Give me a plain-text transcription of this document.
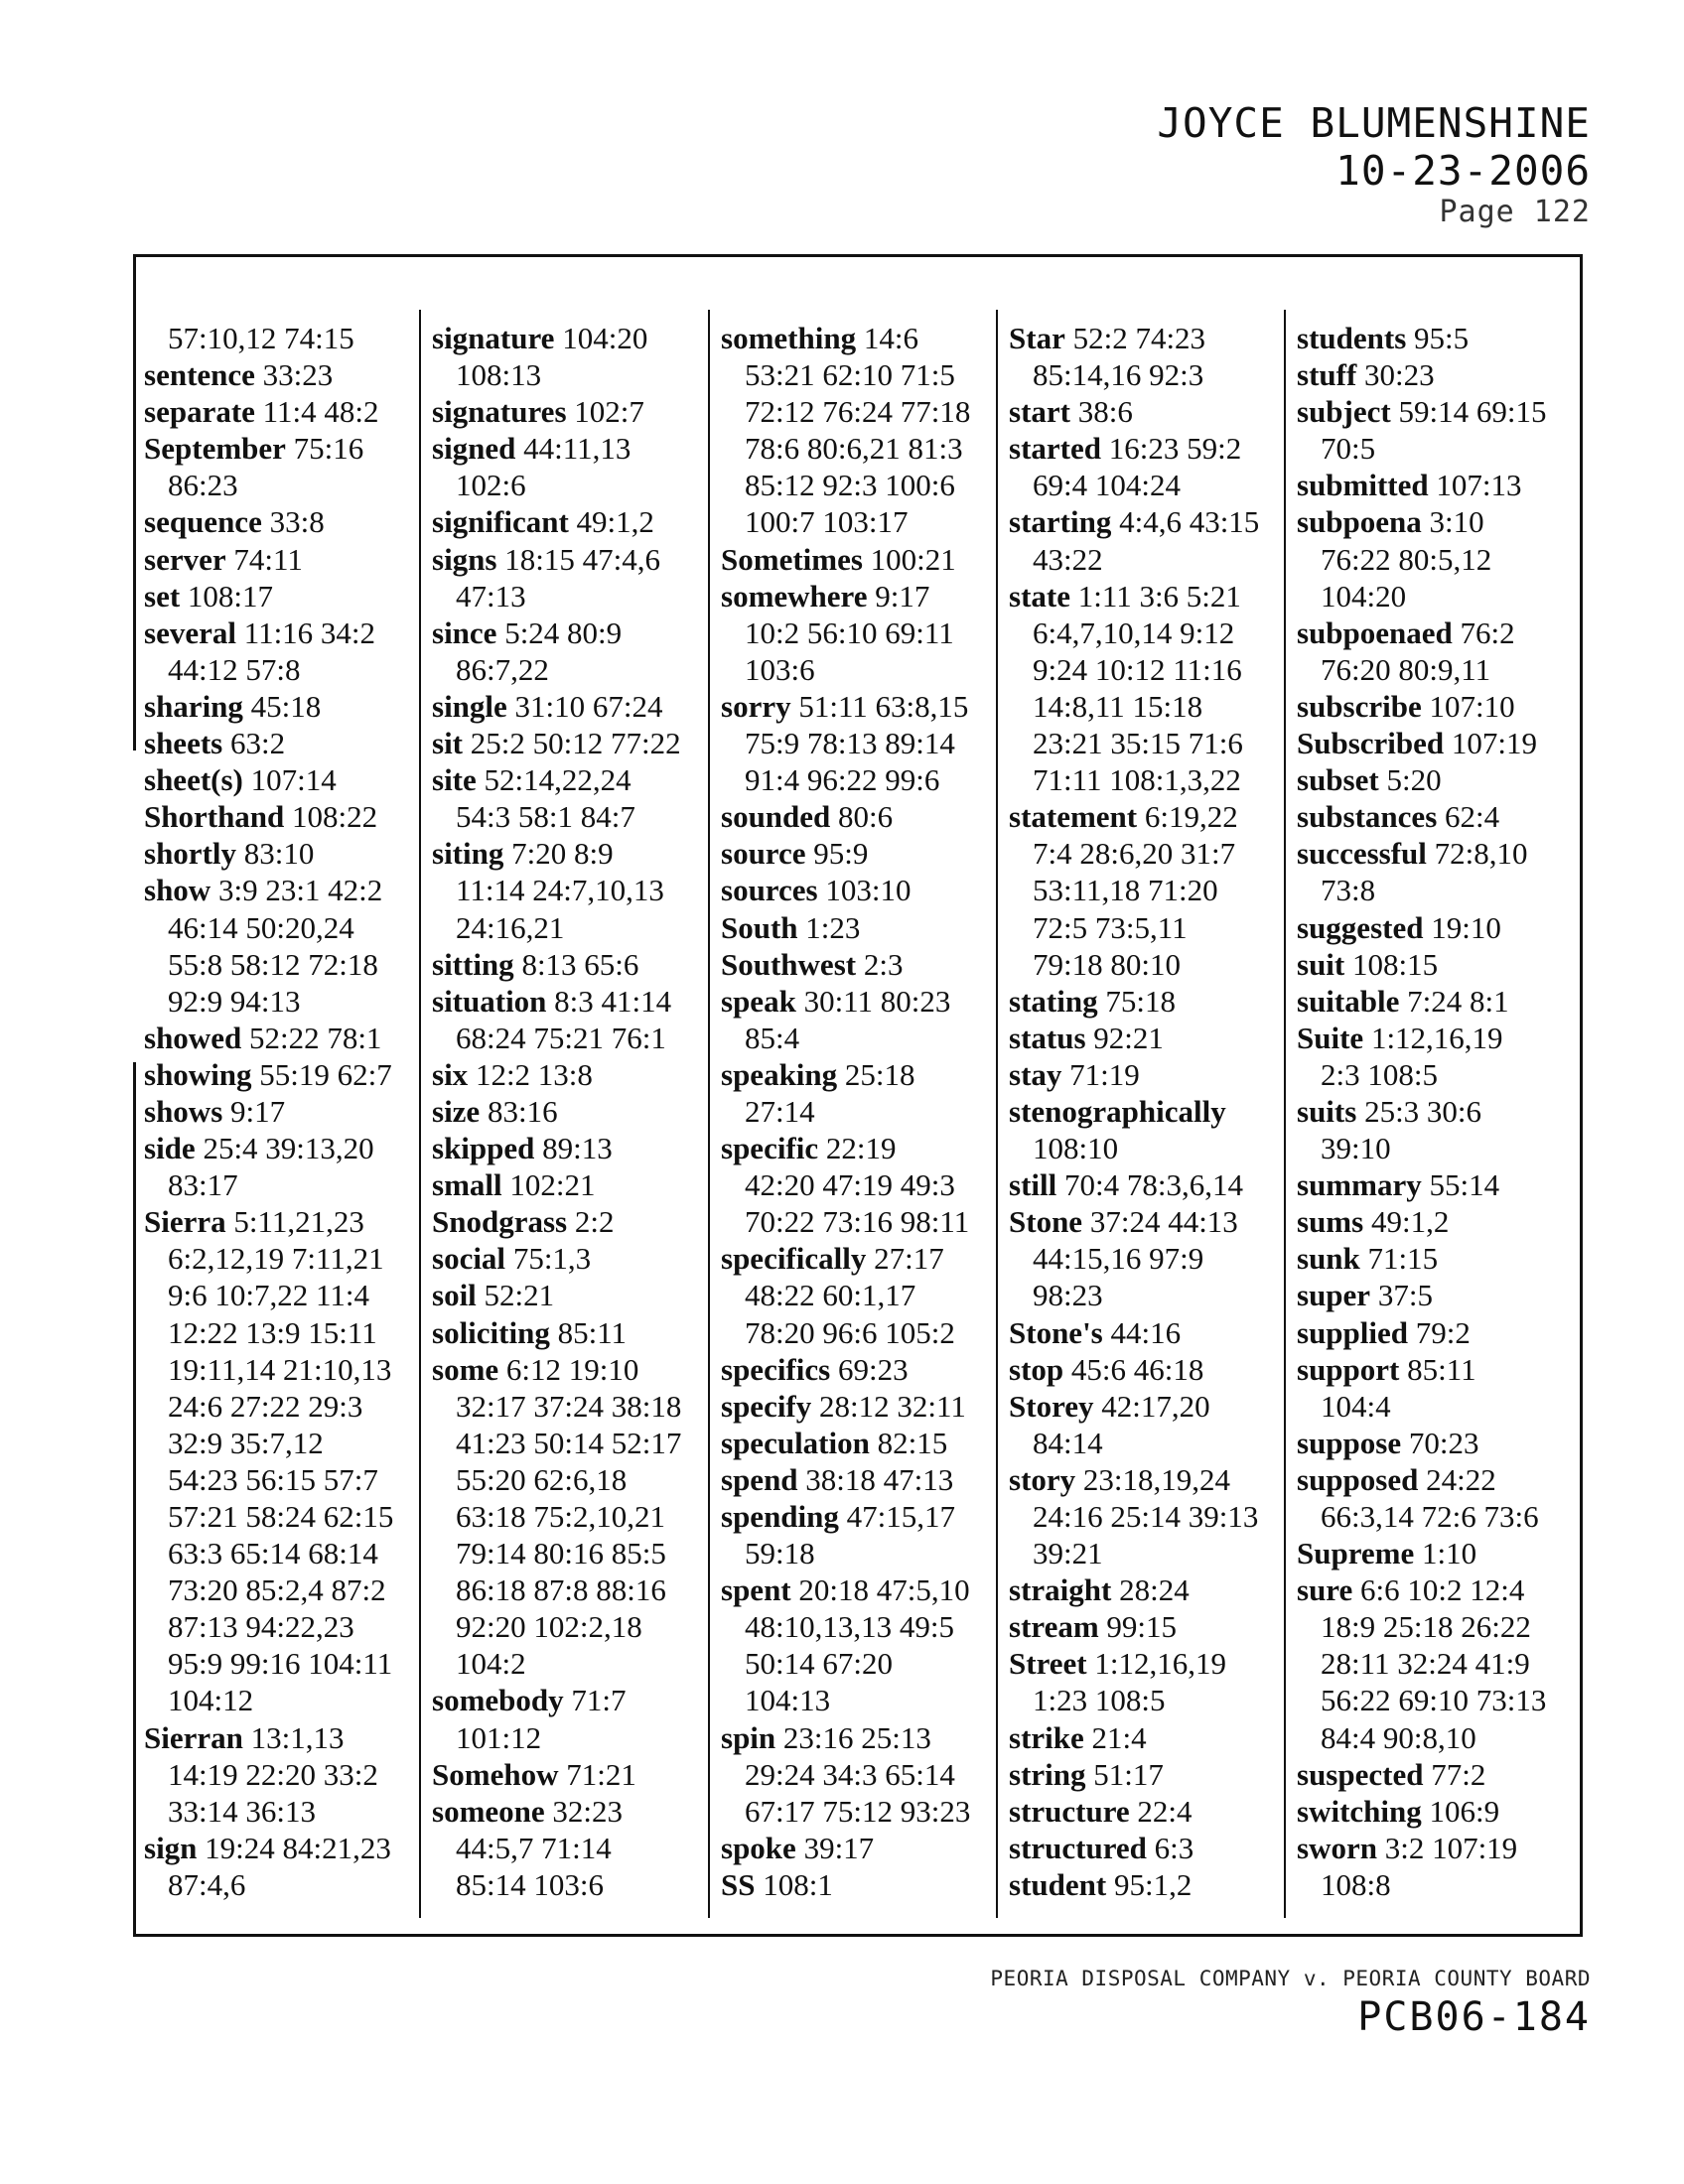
JOYCE BLUMENSHINE
10-23-2006
Page 122
57:10,12 74:15
sentence 33:23
separate 11:4 48:2
September 75:16
86:23
sequence 33:8
server 74:11
set 108:17
several 11:16 34:2
44:12 57:8
sharing 45:18
sheets 63:2
sheet(s) 107:14
Shorthand 108:22
shortly 83:10
show 3:9 23:1 42:2
46:14 50:20,24
55:8 58:12 72:18
92:9 94:13
showed 52:22 78:1
showing 55:19 62:7
shows 9:17
side 25:4 39:13,20
83:17
Sierra 5:11,21,23
6:2,12,19 7:11,21
9:6 10:7,22 11:4
12:22 13:9 15:11
19:11,14 21:10,13
24:6 27:22 29:3
32:9 35:7,12
54:23 56:15 57:7
57:21 58:24 62:15
63:3 65:14 68:14
73:20 85:2,4 87:2
87:13 94:22,23
95:9 99:16 104:11
104:12
Sierran 13:1,13
14:19 22:20 33:2
33:14 36:13
sign 19:24 84:21,23
87:4,6
signature 104:20
108:13
signatures 102:7
signed 44:11,13
102:6
significant 49:1,2
signs 18:15 47:4,6
47:13
since 5:24 80:9
86:7,22
single 31:10 67:24
sit 25:2 50:12 77:22
site 52:14,22,24
54:3 58:1 84:7
siting 7:20 8:9
11:14 24:7,10,13
24:16,21
sitting 8:13 65:6
situation 8:3 41:14
68:24 75:21 76:1
six 12:2 13:8
size 83:16
skipped 89:13
small 102:21
Snodgrass 2:2
social 75:1,3
soil 52:21
soliciting 85:11
some 6:12 19:10
32:17 37:24 38:18
41:23 50:14 52:17
55:20 62:6,18
63:18 75:2,10,21
79:14 80:16 85:5
86:18 87:8 88:16
92:20 102:2,18
104:2
somebody 71:7
101:12
Somehow 71:21
someone 32:23
44:5,7 71:14
85:14 103:6
something 14:6
53:21 62:10 71:5
72:12 76:24 77:18
78:6 80:6,21 81:3
85:12 92:3 100:6
100:7 103:17
Sometimes 100:21
somewhere 9:17
10:2 56:10 69:11
103:6
sorry 51:11 63:8,15
75:9 78:13 89:14
91:4 96:22 99:6
sounded 80:6
source 95:9
sources 103:10
South 1:23
Southwest 2:3
speak 30:11 80:23
85:4
speaking 25:18
27:14
specific 22:19
42:20 47:19 49:3
70:22 73:16 98:11
specifically 27:17
48:22 60:1,17
78:20 96:6 105:2
specifics 69:23
specify 28:12 32:11
speculation 82:15
spend 38:18 47:13
spending 47:15,17
59:18
spent 20:18 47:5,10
48:10,13,13 49:5
50:14 67:20
104:13
spin 23:16 25:13
29:24 34:3 65:14
67:17 75:12 93:23
spoke 39:17
SS 108:1
Star 52:2 74:23
85:14,16 92:3
start 38:6
started 16:23 59:2
69:4 104:24
starting 4:4,6 43:15
43:22
state 1:11 3:6 5:21
6:4,7,10,14 9:12
9:24 10:12 11:16
14:8,11 15:18
23:21 35:15 71:6
71:11 108:1,3,22
statement 6:19,22
7:4 28:6,20 31:7
53:11,18 71:20
72:5 73:5,11
79:18 80:10
stating 75:18
status 92:21
stay 71:19
stenographically
108:10
still 70:4 78:3,6,14
Stone 37:24 44:13
44:15,16 97:9
98:23
Stone's 44:16
stop 45:6 46:18
Storey 42:17,20
84:14
story 23:18,19,24
24:16 25:14 39:13
39:21
straight 28:24
stream 99:15
Street 1:12,16,19
1:23 108:5
strike 21:4
string 51:17
structure 22:4
structured 6:3
student 95:1,2
students 95:5
stuff 30:23
subject 59:14 69:15
70:5
submitted 107:13
subpoena 3:10
76:22 80:5,12
104:20
subpoenaed 76:2
76:20 80:9,11
subscribe 107:10
Subscribed 107:19
subset 5:20
substances 62:4
successful 72:8,10
73:8
suggested 19:10
suit 108:15
suitable 7:24 8:1
Suite 1:12,16,19
2:3 108:5
suits 25:3 30:6
39:10
summary 55:14
sums 49:1,2
sunk 71:15
super 37:5
supplied 79:2
support 85:11
104:4
suppose 70:23
supposed 24:22
66:3,14 72:6 73:6
Supreme 1:10
sure 6:6 10:2 12:4
18:9 25:18 26:22
28:11 32:24 41:9
56:22 69:10 73:13
84:4 90:8,10
suspected 77:2
switching 106:9
sworn 3:2 107:19
108:8
PEORIA DISPOSAL COMPANY v. PEORIA COUNTY BOARD
PCB06-184
